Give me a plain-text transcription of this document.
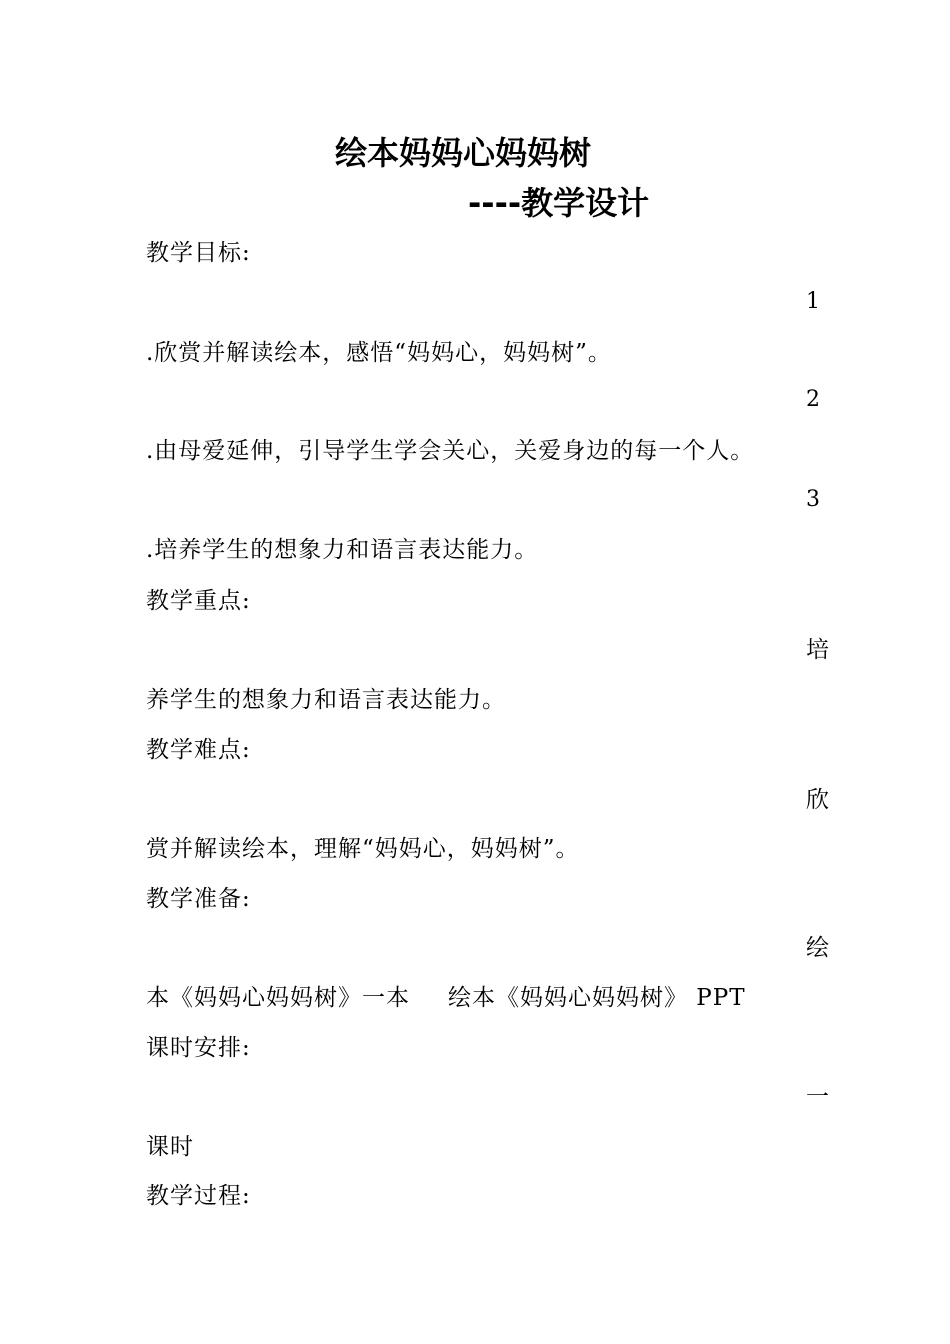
绘本妈妈心妈妈树
----教学设计
教学目标:
1
.欣赏并解读绘本，感悟“妈妈心，妈妈树”。
2
.由母爱延伸，引导学生学会关心，关爱身边的每一个人。
3
.培养学生的想象力和语言表达能力。
教学重点:
培
养学生的想象力和语言表达能力。
教学难点:
欣
赏并解读绘本，理解“妈妈心，妈妈树”。
教学准备:
绘
本《妈妈心妈妈树》一本 绘本《妈妈心妈妈树》 PPT
课时安排:
一
课时
教学过程:
